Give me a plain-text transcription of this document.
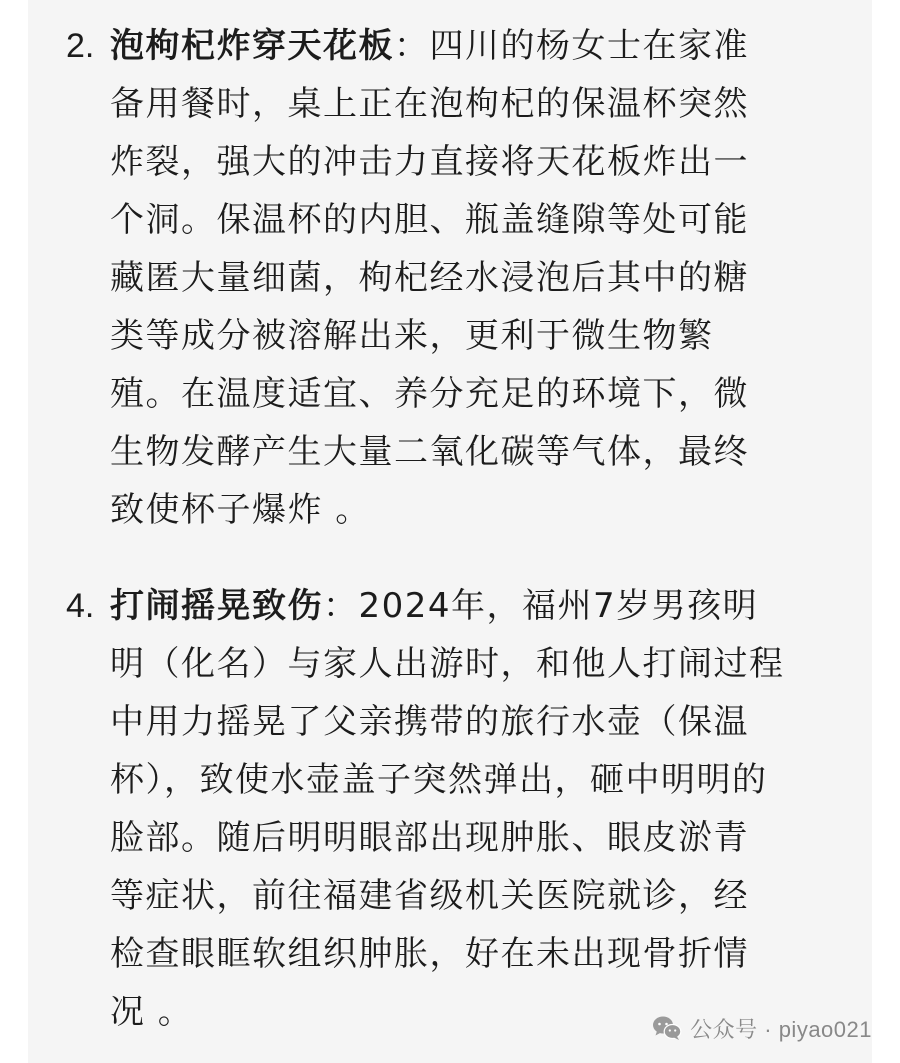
2. 泡枸杞炸穿天花板：四川的杨女士在家准
备用餐时，桌上正在泡枸杞的保温杯突然
炸裂，强大的冲击力直接将天花板炸出一
个洞。保温杯的内胆、瓶盖缝隙等处可能
藏匿大量细菌，枸杞经水浸泡后其中的糖
类等成分被溶解出来，更利于微生物繁
殖。在温度适宜、养分充足的环境下，微
生物发酵产生大量二氧化碳等气体，最终
致使杯子爆炸 。
4. 打闹摇晃致伤：2024年，福州7岁男孩明
明（化名）与家人出游时，和他人打闹过程
中用力摇晃了父亲携带的旅行水壶（保温
杯），致使水壶盖子突然弹出，砸中明明的
脸部。随后明明眼部出现肿胀、眼皮淤青
等症状，前往福建省级机关医院就诊，经
检查眼眶软组织肿胀，好在未出现骨折情
况 。	公众号 · piyao021
